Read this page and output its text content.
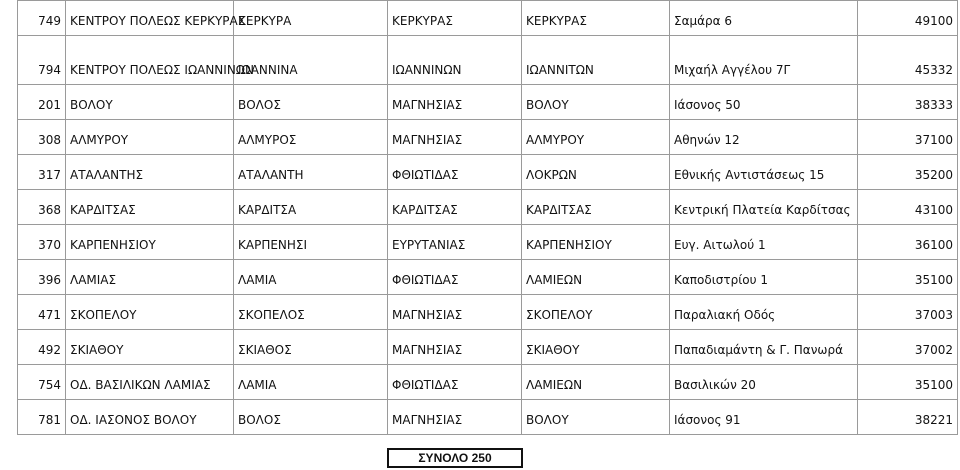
749	ΚΕΝΤΡΟΥ ΠΟΛΕΩΣ ΚΕΡΚΥΡΑΣ	ΚΕΡΚΥΡΑ	ΚΕΡΚΥΡΑΣ	ΚΕΡΚΥΡΑΣ	Σαμάρα 6	49100
794	ΚΕΝΤΡΟΥ ΠΟΛΕΩΣ ΙΩΑΝΝΙΝΩΝ	ΙΩΑΝΝΙΝΑ	ΙΩΑΝΝΙΝΩΝ	ΙΩΑΝΝΙΤΩΝ	Μιχαήλ Αγγέλου 7Γ	45332
201	ΒΟΛΟΥ	ΒΟΛΟΣ	ΜΑΓΝΗΣΙΑΣ	ΒΟΛΟΥ	Ιάσονος 50	38333
308	ΑΛΜΥΡΟΥ	ΑΛΜΥΡΟΣ	ΜΑΓΝΗΣΙΑΣ	ΑΛΜΥΡΟΥ	Αθηνών 12	37100
317	ΑΤΑΛΑΝΤΗΣ	ΑΤΑΛΑΝΤΗ	ΦΘΙΩΤΙΔΑΣ	ΛΟΚΡΩΝ	Εθνικής Αντιστάσεως 15	35200
368	ΚΑΡΔΙΤΣΑΣ	ΚΑΡΔΙΤΣΑ	ΚΑΡΔΙΤΣΑΣ	ΚΑΡΔΙΤΣΑΣ	Κεντρική Πλατεία Καρδίτσας	43100
370	ΚΑΡΠΕΝΗΣΙΟΥ	ΚΑΡΠΕΝΗΣΙ	ΕΥΡΥΤΑΝΙΑΣ	ΚΑΡΠΕΝΗΣΙΟΥ	Ευγ. Αιτωλού 1	36100
396	ΛΑΜΙΑΣ	ΛΑΜΙΑ	ΦΘΙΩΤΙΔΑΣ	ΛΑΜΙΕΩΝ	Καποδιστρίου 1	35100
471	ΣΚΟΠΕΛΟΥ	ΣΚΟΠΕΛΟΣ	ΜΑΓΝΗΣΙΑΣ	ΣΚΟΠΕΛΟΥ	Παραλιακή Οδός	37003
492	ΣΚΙΑΘΟΥ	ΣΚΙΑΘΟΣ	ΜΑΓΝΗΣΙΑΣ	ΣΚΙΑΘΟΥ	Παπαδιαμάντη & Γ. Πανωρά	37002
754	ΟΔ. ΒΑΣΙΛΙΚΩΝ ΛΑΜΙΑΣ	ΛΑΜΙΑ	ΦΘΙΩΤΙΔΑΣ	ΛΑΜΙΕΩΝ	Βασιλικών 20	35100
781	ΟΔ. ΙΑΣΟΝΟΣ ΒΟΛΟΥ	ΒΟΛΟΣ	ΜΑΓΝΗΣΙΑΣ	ΒΟΛΟΥ	Ιάσονος 91	38221
ΣΥΝΟΛΟ 250
